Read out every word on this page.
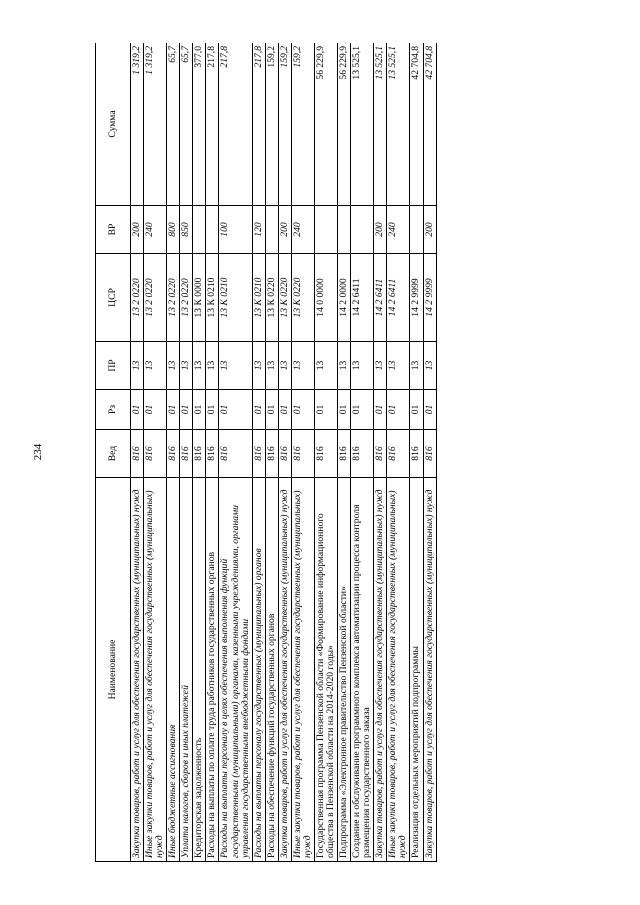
234
Наименование	Вед	Рз	ПР	ЦСР	ВР	Сумма
Закупка товаров, работ и услуг для обеспечения государственных (муниципальных) нужд	816	01	13	13 2 0220	200	1 319,2
Иные закупки товаров, работ и услуг для обеспечения государственных (муниципальных) нужд	816	01	13	13 2 0220	240	1 319,2
Иные бюджетные ассигнования	816	01	13	13 2 0220	800	65,7
Уплата налогов, сборов и иных платежей	816	01	13	13 2 0220	850	65,7
Кредиторская задолженность	816	01	13	13 К 0000		377,0
Расходы на выплаты по оплате труда работников государственных органов	816	01	13	13 К 0210		217,8
Расходы на выплаты персоналу в целях обеспечения выполнения функций государственными (муниципальными) органами, казенными учреждениями, органами управления государственными внебюджетными фондами	816	01	13	13 К 0210	100	217,8
Расходы на выплаты персоналу государственных (муниципальных) органов	816	01	13	13 К 0210	120	217,8
Расходы на обеспечение функций государственных органов	816	01	13	13 К 0220		159,2
Закупка товаров, работ и услуг для обеспечения государственных (муниципальных) нужд	816	01	13	13 К 0220	200	159,2
Иные закупки товаров, работ и услуг для обеспечения государственных (муниципальных) нужд	816	01	13	13 К 0220	240	159,2
Государственная программа Пензенской области «Формирование информационного общества в Пензенской области на 2014-2020 годы»	816	01	13	14 0 0000		56 229,9
Подпрограмма «Электронное правительство Пензенской области»	816	01	13	14 2 0000		56 229,9
Создание и обслуживание программного комплекса автоматизации процесса контроля размещения государственного заказа	816	01	13	14 2 6411		13 525,1
Закупка товаров, работ и услуг для обеспечения государственных (муниципальных) нужд	816	01	13	14 2 6411	200	13 525,1
Иные закупки товаров, работ и услуг для обеспечения государственных (муниципальных) нужд	816	01	13	14 2 6411	240	13 525,1
Реализация отдельных мероприятий подпрограммы	816	01	13	14 2 9999		42 704,8
Закупка товаров, работ и услуг для обеспечения государственных (муниципальных) нужд	816	01	13	14 2 9999	200	42 704,8
